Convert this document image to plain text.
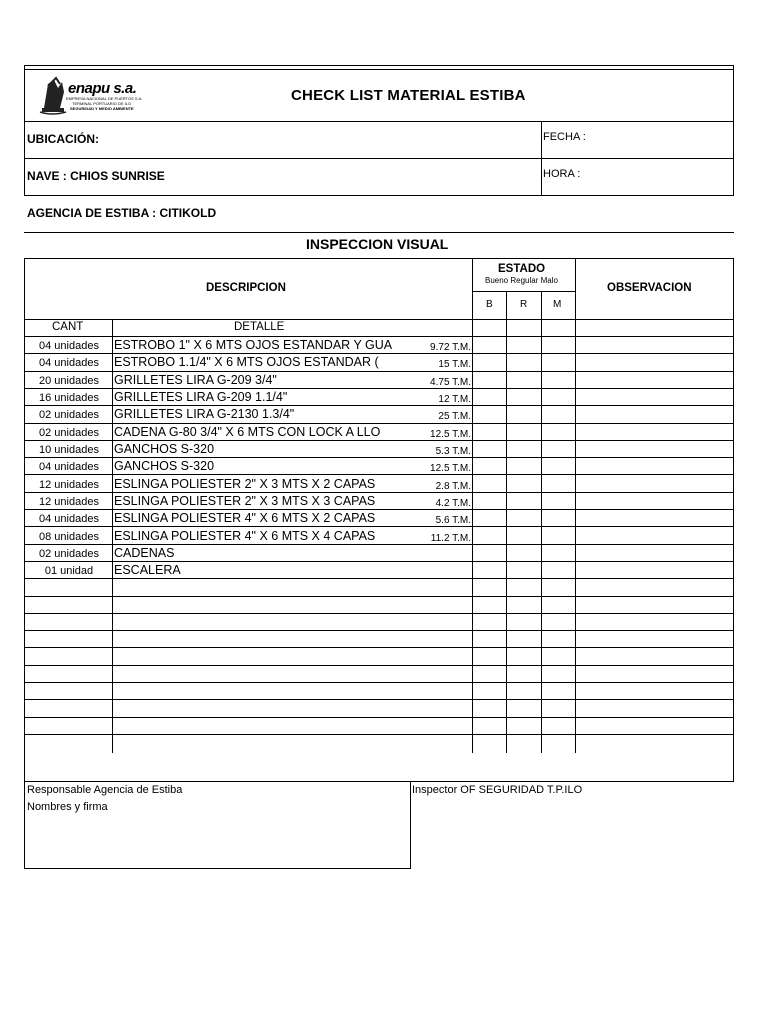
enapu s.a.
EMPRESA NACIONAL DE PUERTOS S.A.
TERMINAL PORTUARIO DE ILO
SEGURIDAD Y MEDIO AMBIENTE
CHECK LIST MATERIAL ESTIBA
UBICACIÓN:	FECHA :
NAVE : CHIOS SUNRISE	HORA :
AGENCIA DE ESTIBA : CITIKOLD
INSPECCION VISUAL
DESCRIPCION
ESTADO
Bueno Regular Malo
B	R	M
OBSERVACION
CANT	DETALLE
04 unidades	ESTROBO 1" X 6 MTS OJOS ESTANDAR Y GUA	9.72 T.M.
04 unidades	ESTROBO 1.1/4" X 6 MTS OJOS ESTANDAR (	15 T.M.
20 unidades	GRILLETES LIRA G-209 3/4"	4.75 T.M.
16 unidades	GRILLETES LIRA G-209 1.1/4"	12 T.M.
02 unidades	GRILLETES LIRA G-2130 1.3/4"	25 T.M.
02 unidades	CADENA G-80 3/4" X 6 MTS CON LOCK A LLO	12.5 T.M.
10 unidades	GANCHOS S-320	5.3 T.M.
04 unidades	GANCHOS S-320	12.5 T.M.
12 unidades	ESLINGA POLIESTER 2" X 3 MTS X 2 CAPAS	2.8 T.M.
12 unidades	ESLINGA POLIESTER 2" X 3 MTS X 3 CAPAS	4.2 T.M.
04 unidades	ESLINGA POLIESTER 4" X 6 MTS X 2 CAPAS	5.6 T.M.
08 unidades	ESLINGA POLIESTER 4" X 6 MTS X 4 CAPAS	11.2 T.M.
02 unidades	CADENAS
01 unidad	ESCALERA
Responsable Agencia de Estiba
Nombres y firma
Inspector OF SEGURIDAD T.P.ILO
